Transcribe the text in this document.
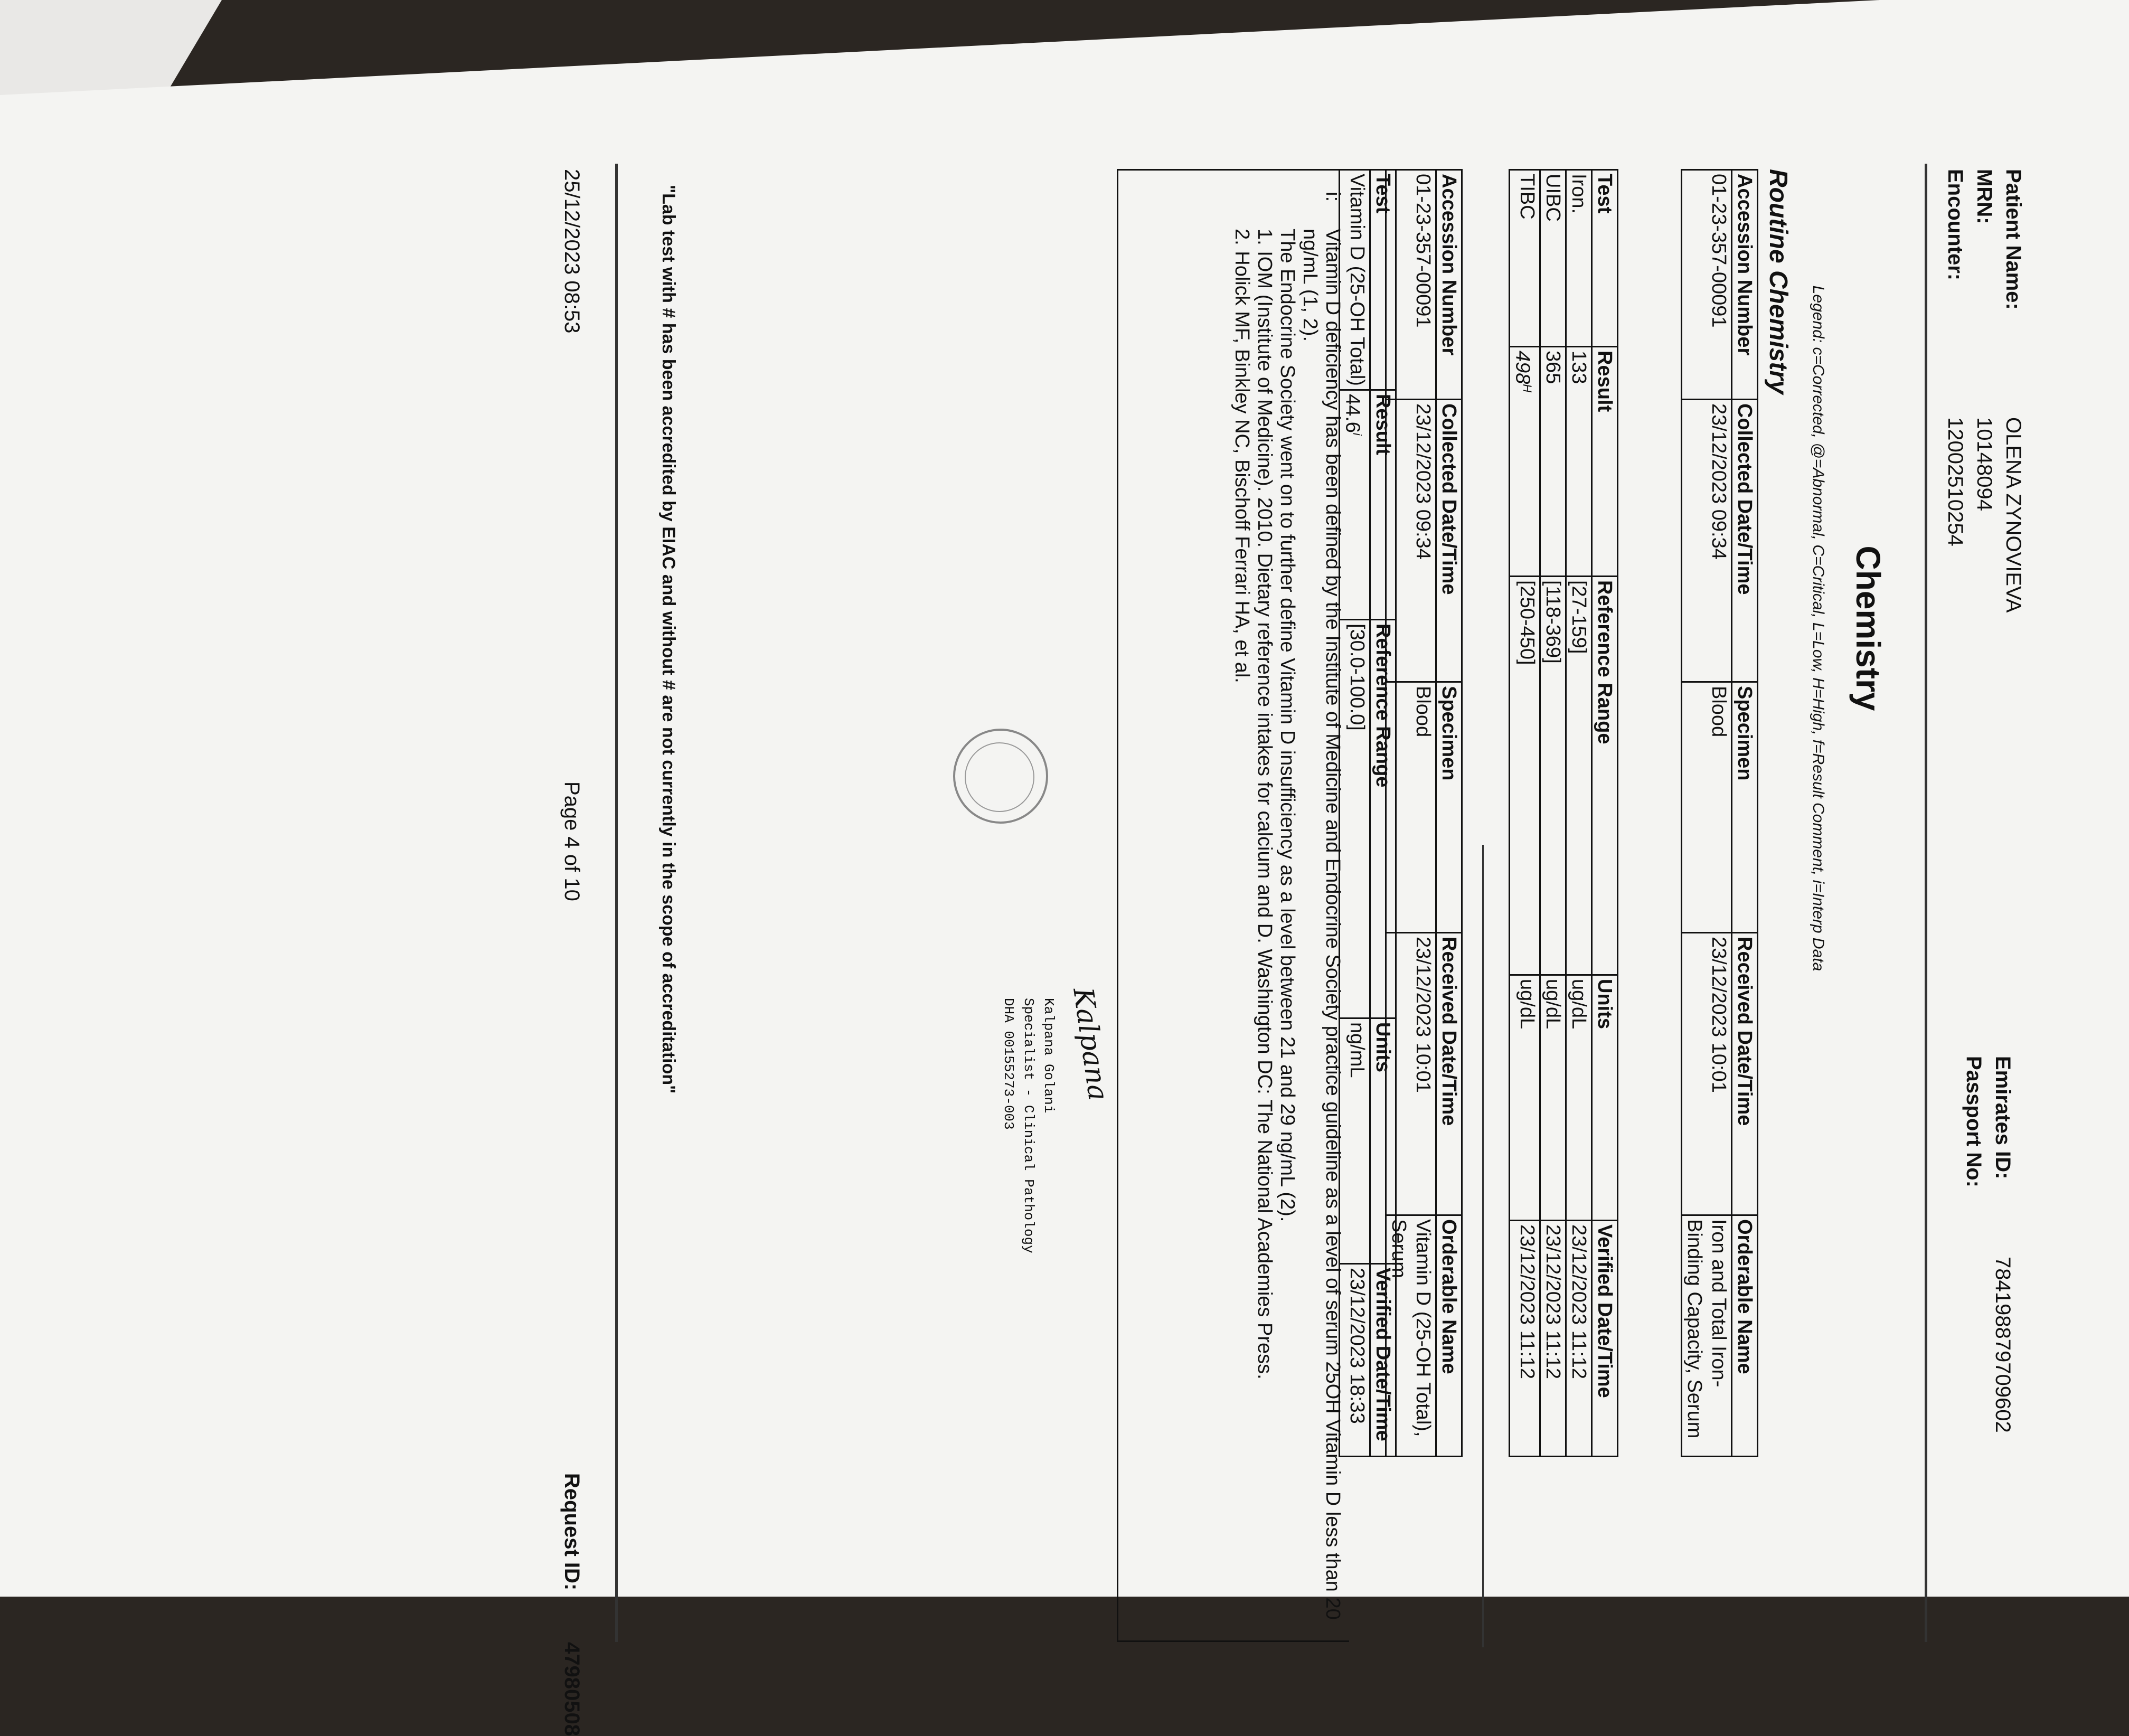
Patient Name:
OLENA ZYNOVIEVA
MRN:
10148094
Encounter:
12002510254
Emirates ID:
784198879709602
Passport No:
Chemistry
Legend: c=Corrected, @=Abnormal, C=Critical, L=Low, H=High, f=Result Comment, i=Interp Data
Routine Chemistry
Accession Number	Collected Date/Time	Specimen	Received Date/Time	Orderable Name
01-23-357-00091	23/12/2023 09:34	Blood	23/12/2023 10:01	Iron and Total Iron-Binding Capacity, Serum
Test	Result	Reference Range	Units	Verified Date/Time
Iron.	133	[27-159]	ug/dL	23/12/2023 11:12
UIBC	365	[118-369]	ug/dL	23/12/2023 11:12
TIBC	$498^H$	[250-450]	ug/dL	23/12/2023 11:12
Accession Number	Collected Date/Time	Specimen	Received Date/Time	Orderable Name
01-23-357-00091	23/12/2023 09:34	Blood	23/12/2023 10:01	Vitamin D (25-OH Total), Serum
Test	Result	Reference Range	Units	Verified Date/Time
Vitamin D (25-OH Total)	44.6$^i$	[30.0-100.0]	ng/mL	23/12/2023 18:33
i:

Vitamin D deficiency has been defined by the Institute of Medicine and Endocrine Society practice guideline as a level of serum 25OH Vitamin D less than 20 ng/mL (1, 2).

The Endocrine Society went on to further define Vitamin D insufficiency as a level between 21 and 29 ng/mL (2).

1. IOM (Institute of Medicine). 2010. Dietary reference intakes for calcium and D. Washington DC: The National Academies Press.

2. Holick MF, Binkley NC, Bischoff Ferrari HA, et al.

Kalpana
Kalpana Golani
Specialist - Clinical Pathology
DHA 00155273-003
"Lab test with # has been accredited by EIAC and without # are not currently in the scope of accreditation"
25/12/2023 08:53
Page 4 of 10
Request ID:
47980508
